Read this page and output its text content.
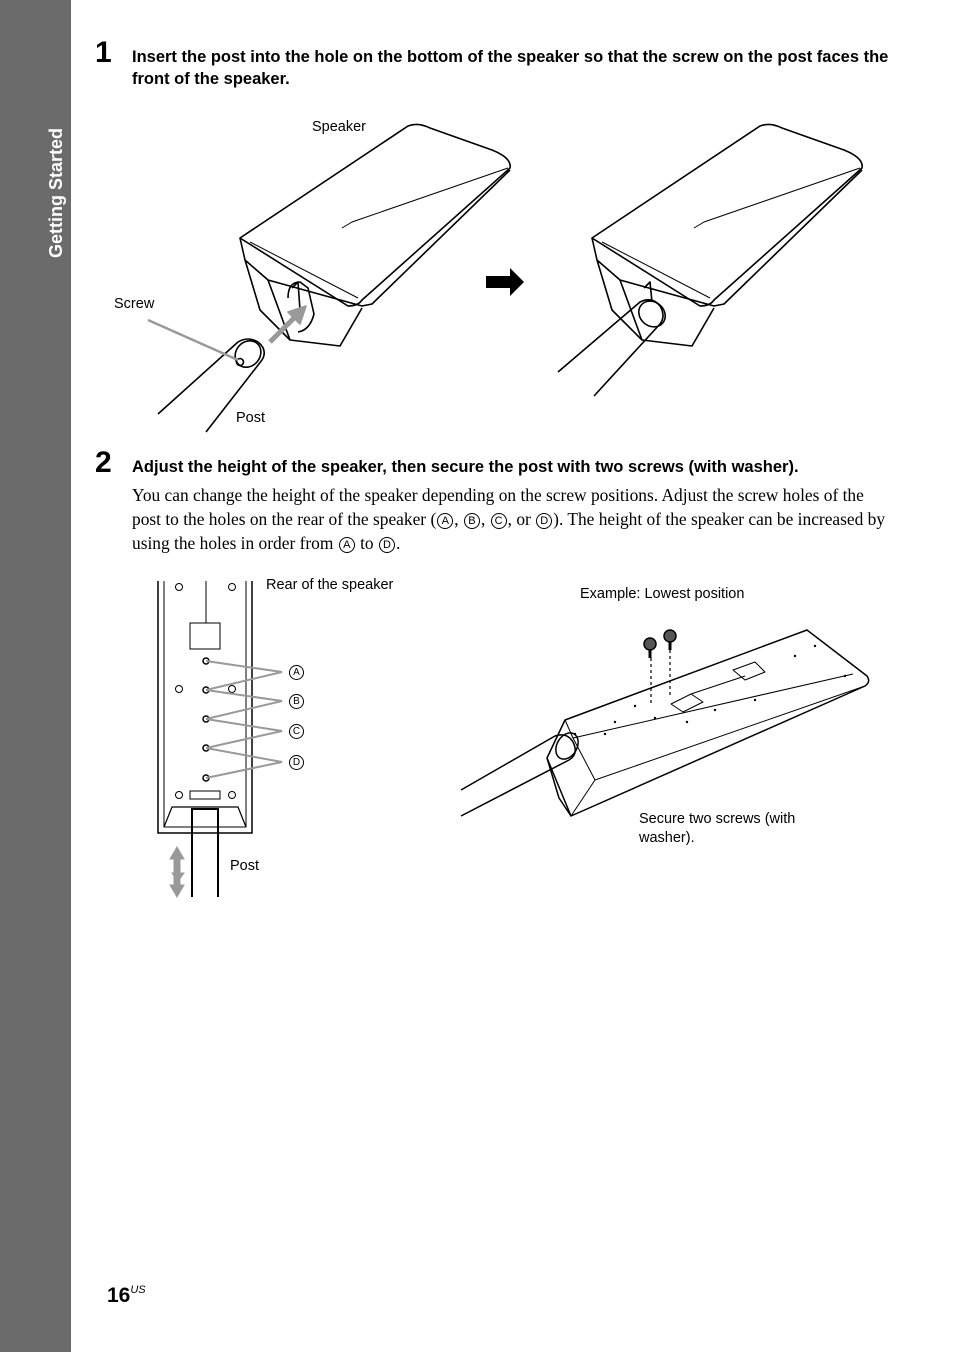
Getting Started
1 Insert the post into the hole on the bottom of the speaker so that the screw on the post faces the front of the speaker.
Speaker
Screw
Post
2 Adjust the height of the speaker, then secure the post with two screws (with washer).
You can change the height of the speaker depending on the screw positions. Adjust the screw holes of the post to the holes on the rear of the speaker ( A , B , C , or D ). The height of the speaker can be increased by using the holes in order from A to D .
A
B
C
D
Rear of the speaker
Post
Example: Lowest position
Secure two screws (with
washer).
$16^{US}$
